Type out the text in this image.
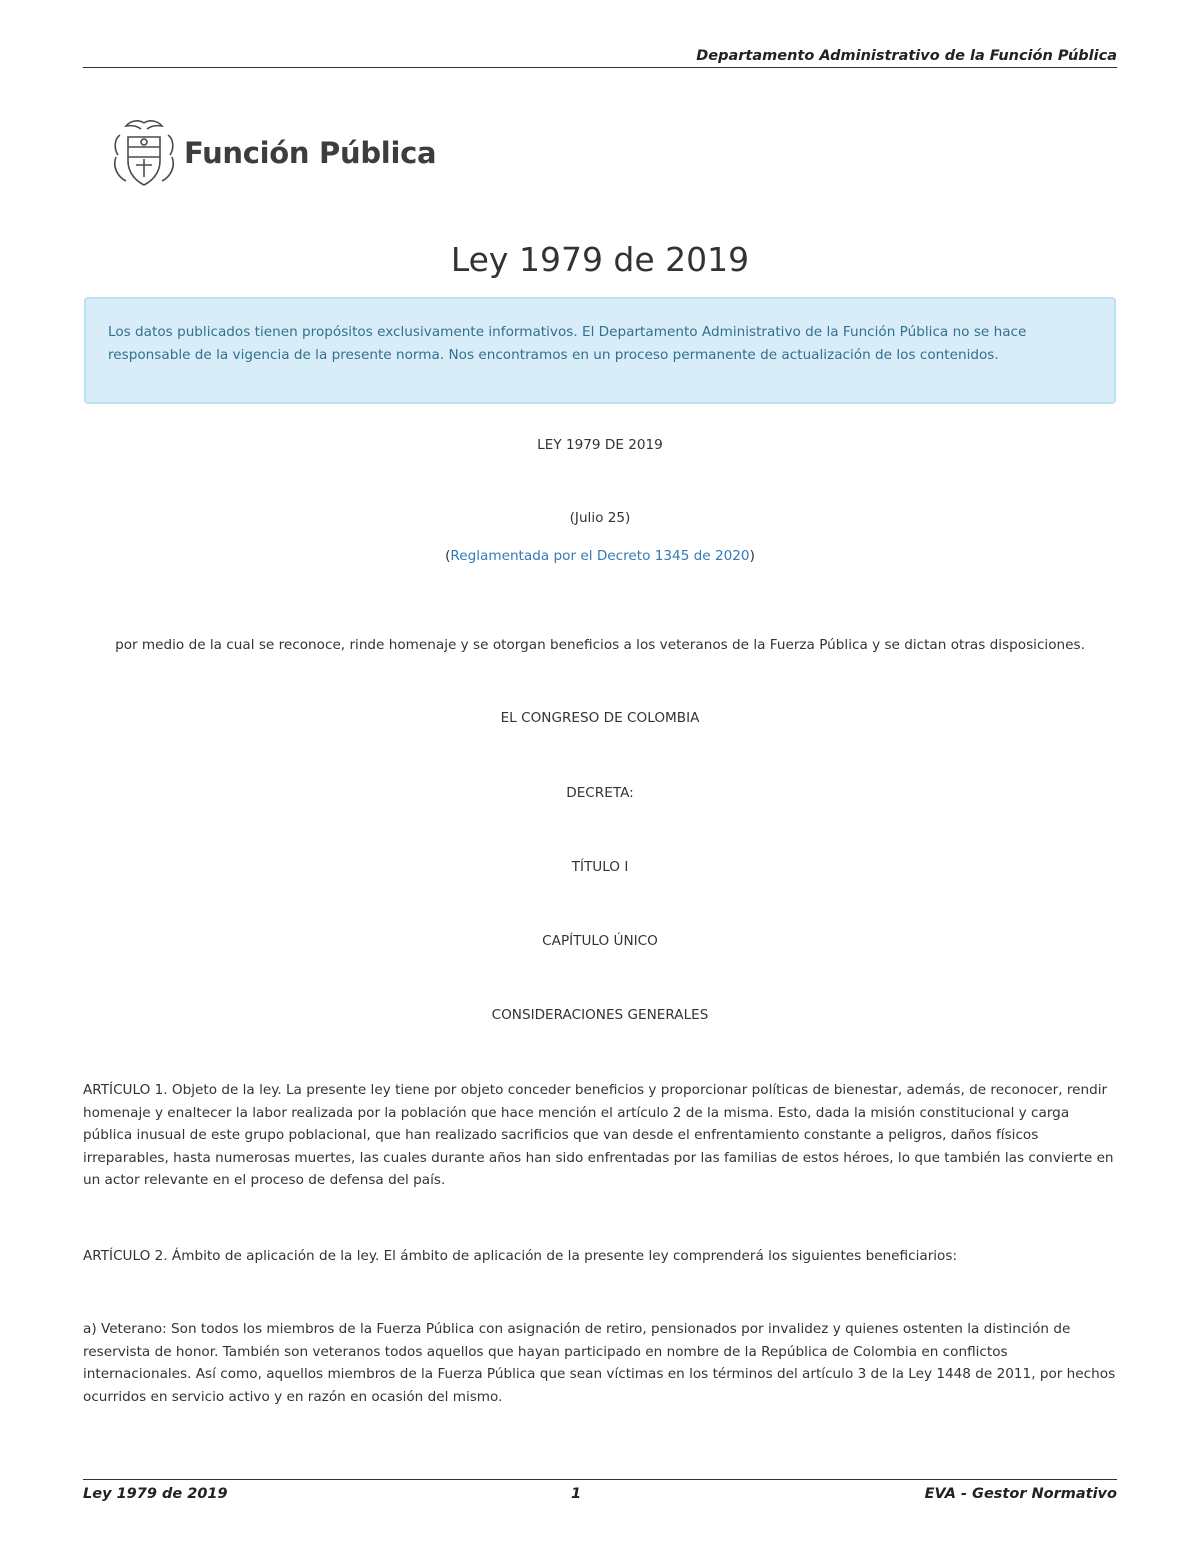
Departamento Administrativo de la Función Pública
Función Pública
Ley 1979 de 2019
Los datos publicados tienen propósitos exclusivamente informativos. El Departamento Administrativo de la Función Pública no se hace responsable de la vigencia de la presente norma. Nos encontramos en un proceso permanente de actualización de los contenidos.
LEY 1979 DE 2019
(Julio 25)
(Reglamentada por el Decreto 1345 de 2020)
por medio de la cual se reconoce, rinde homenaje y se otorgan beneficios a los veteranos de la Fuerza Pública y se dictan otras disposiciones.
EL CONGRESO DE COLOMBIA
DECRETA:
TÍTULO I
CAPÍTULO ÚNICO
CONSIDERACIONES GENERALES
ARTÍCULO 1. Objeto de la ley. La presente ley tiene por objeto conceder beneficios y proporcionar políticas de bienestar, además, de reconocer, rendir homenaje y enaltecer la labor realizada por la población que hace mención el artículo 2 de la misma. Esto, dada la misión constitucional y carga pública inusual de este grupo poblacional, que han realizado sacrificios que van desde el enfrentamiento constante a peligros, daños físicos irreparables, hasta numerosas muertes, las cuales durante años han sido enfrentadas por las familias de estos héroes, lo que también las convierte en un actor relevante en el proceso de defensa del país.
ARTÍCULO 2. Ámbito de aplicación de la ley. El ámbito de aplicación de la presente ley comprenderá los siguientes beneficiarios:
a) Veterano: Son todos los miembros de la Fuerza Pública con asignación de retiro, pensionados por invalidez y quienes ostenten la distinción de reservista de honor. También son veteranos todos aquellos que hayan participado en nombre de la República de Colombia en conflictos internacionales. Así como, aquellos miembros de la Fuerza Pública que sean víctimas en los términos del artículo 3 de la Ley 1448 de 2011, por hechos ocurridos en servicio activo y en razón en ocasión del mismo.
Ley 1979 de 2019	1	EVA - Gestor Normativo
